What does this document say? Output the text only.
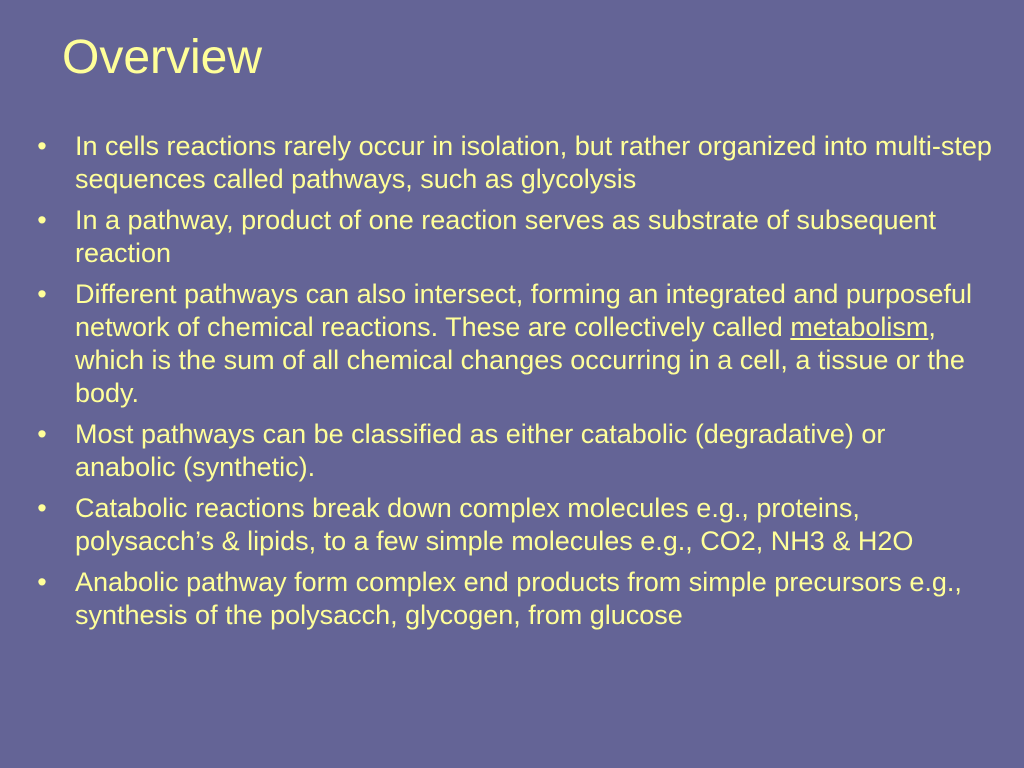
Overview
• In cells reactions rarely occur in isolation, but rather organized into multi-step sequences called pathways, such as glycolysis
• In a pathway, product of one reaction serves as substrate of subsequent reaction
• Different pathways can also intersect, forming an integrated and purposeful network of chemical reactions. These are collectively called metabolism, which is the sum of all chemical changes occurring in a cell, a tissue or the body.
• Most pathways can be classified as either catabolic (degradative) or anabolic (synthetic).
• Catabolic reactions break down complex molecules e.g., proteins, polysacch’s & lipids, to a few simple molecules e.g., CO2, NH3 & H2O
• Anabolic pathway form complex end products from simple precursors e.g., synthesis of the polysacch, glycogen, from glucose
